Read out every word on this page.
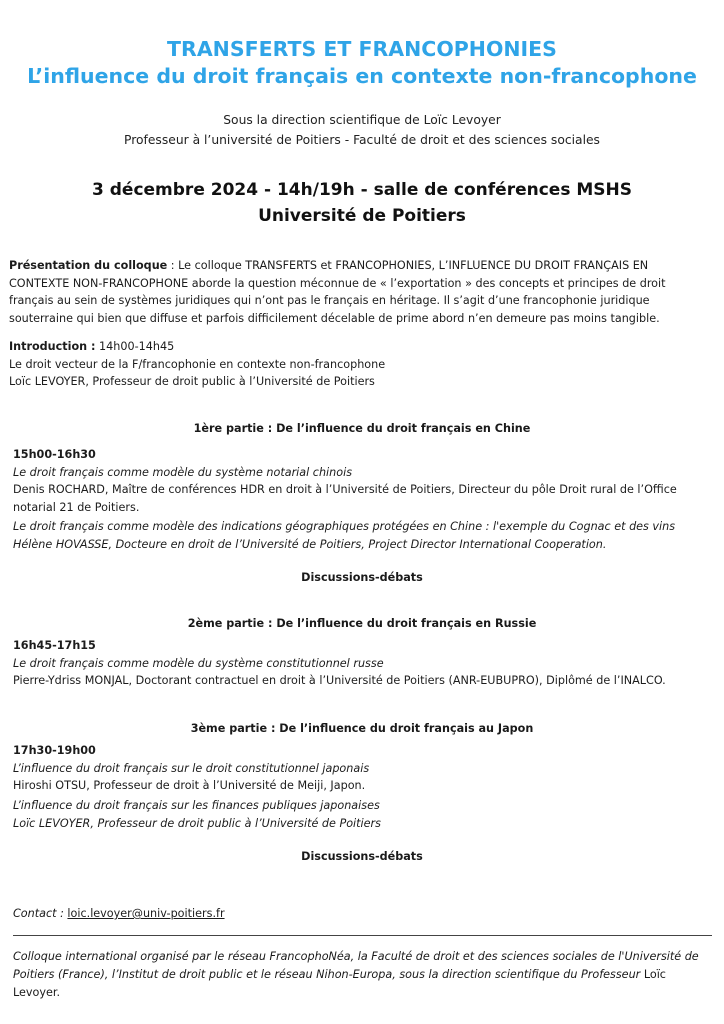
TRANSFERTS ET FRANCOPHONIES
L’influence du droit français en contexte non-francophone
Sous la direction scientifique de Loïc Levoyer
Professeur à l’université de Poitiers - Faculté de droit et des sciences sociales
3 décembre 2024 - 14h/19h - salle de conférences MSHS
Université de Poitiers
Présentation du colloque : Le colloque TRANSFERTS et FRANCOPHONIES, L’INFLUENCE DU DROIT FRANÇAIS EN CONTEXTE NON-FRANCOPHONE aborde la question méconnue de « l’exportation » des concepts et principes de droit français au sein de systèmes juridiques qui n’ont pas le français en héritage. Il s’agit d’une francophonie juridique souterraine qui bien que diffuse et parfois difficilement décelable de prime abord n’en demeure pas moins tangible.
Introduction : 14h00-14h45
Le droit vecteur de la F/francophonie en contexte non-francophone
Loïc LEVOYER, Professeur de droit public à l’Université de Poitiers
1ère partie : De l’influence du droit français en Chine
15h00-16h30
Le droit français comme modèle du système notarial chinois
Denis ROCHARD, Maître de conférences HDR en droit à l’Université de Poitiers, Directeur du pôle Droit rural de l’Office notarial 21 de Poitiers.
Le droit français comme modèle des indications géographiques protégées en Chine : l'exemple du Cognac et des vins
Hélène HOVASSE, Docteure en droit de l’Université de Poitiers, Project Director International Cooperation.
Discussions-débats
2ème partie : De l’influence du droit français en Russie
16h45-17h15
Le droit français comme modèle du système constitutionnel russe
Pierre-Ydriss MONJAL, Doctorant contractuel en droit à l’Université de Poitiers (ANR-EUBUPRO), Diplômé de l’INALCO.
3ème partie : De l’influence du droit français au Japon
17h30-19h00
L’influence du droit français sur le droit constitutionnel japonais
Hiroshi OTSU, Professeur de droit à l’Université de Meiji, Japon.
L’influence du droit français sur les finances publiques japonaises
Loïc LEVOYER, Professeur de droit public à l’Université de Poitiers
Discussions-débats
Contact : loic.levoyer@univ-poitiers.fr
Colloque international organisé par le réseau FrancophoNéa, la Faculté de droit et des sciences sociales de l'Université de Poitiers (France), l’Institut de droit public et le réseau Nihon-Europa, sous la direction scientifique du Professeur Loïc Levoyer.
